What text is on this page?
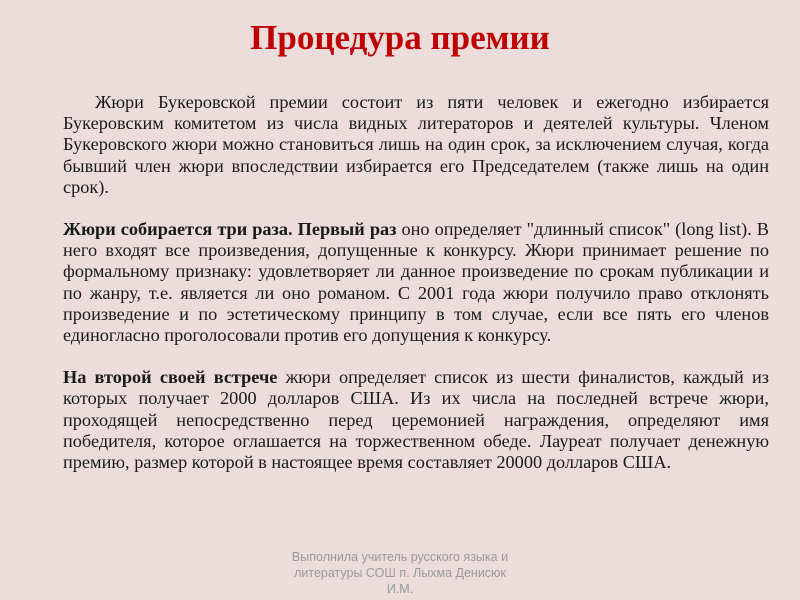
Процедура премии

Жюри Букеровской премии состоит из пяти человек и ежегодно избирается Букеровским комитетом из числа видных литераторов и деятелей культуры. Членом Букеровского жюри можно становиться лишь на один срок, за исключением случая, когда бывший член жюри впоследствии избирается его Председателем (также лишь на один срок).

Жюри собирается три раза. Первый раз оно определяет "длинный список" (long list). В него входят все произведения, допущенные к конкурсу. Жюри принимает решение по формальному признаку: удовлетворяет ли данное произведение по срокам публикации и по жанру, т.е. является ли оно романом. С 2001 года жюри получило право отклонять произведение и по эстетическому принципу в том случае, если все пять его членов единогласно проголосовали против его допущения к конкурсу.

На второй своей встрече жюри определяет список из шести финалистов, каждый из которых получает 2000 долларов США. Из их числа на последней встрече жюри, проходящей непосредственно перед церемонией награждения, определяют имя победителя, которое оглашается на торжественном обеде. Лауреат получает денежную премию, размер которой в настоящее время составляет 20000 долларов США.

Выполнила учитель русского языка и литературы СОШ п. Лыхма Денисюк И.М.
